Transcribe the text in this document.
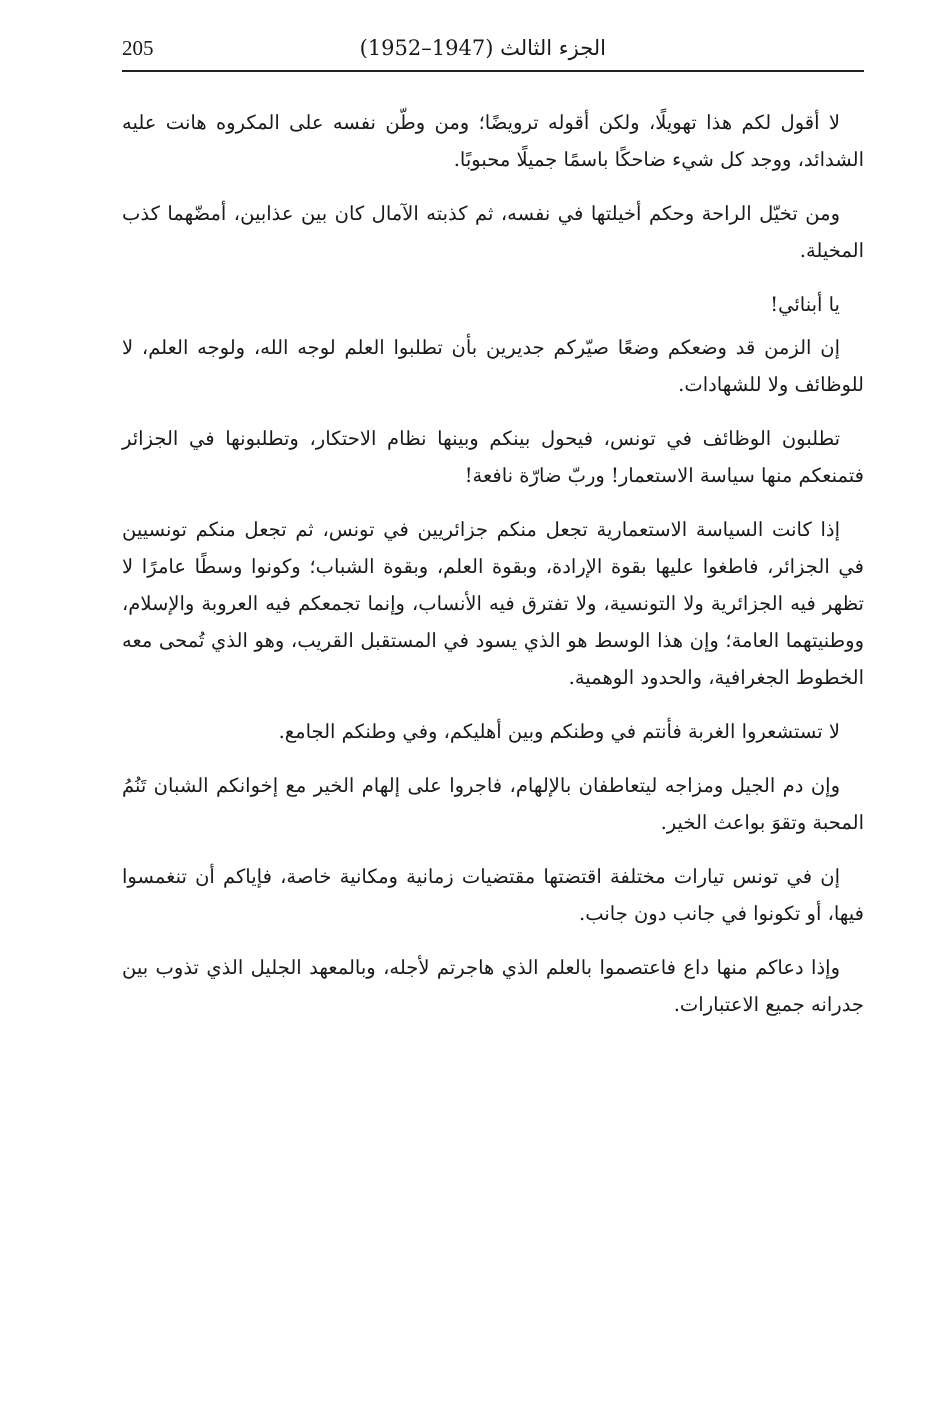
205	الجزء الثالث (1947–1952)

لا أقول لكم هذا تهويلًا، ولكن أقوله ترويضًا؛ ومن وطّن نفسه على المكروه هانت عليه الشدائد، ووجد كل شيء ضاحكًا باسمًا جميلًا محبوبًا.

ومن تخيّل الراحة وحكم أخيلتها في نفسه، ثم كذبته الآمال كان بين عذابين، أمضّهما كذب المخيلة.

يا أبنائي!

إن الزمن قد وضعكم وضعًا صيّركم جديرين بأن تطلبوا العلم لوجه الله، ولوجه العلم، لا للوظائف ولا للشهادات.

تطلبون الوظائف في تونس، فيحول بينكم وبينها نظام الاحتكار، وتطلبونها في الجزائر فتمنعكم منها سياسة الاستعمار! وربّ ضارّة نافعة!

إذا كانت السياسة الاستعمارية تجعل منكم جزائريين في تونس، ثم تجعل منكم تونسيين في الجزائر، فاطغوا عليها بقوة الإرادة، وبقوة العلم، وبقوة الشباب؛ وكونوا وسطًا عامرًا لا تظهر فيه الجزائرية ولا التونسية، ولا تفترق فيه الأنساب، وإنما تجمعكم فيه العروبة والإسلام، ووطنيتهما العامة؛ وإن هذا الوسط هو الذي يسود في المستقبل القريب، وهو الذي تُمحى معه الخطوط الجغرافية، والحدود الوهمية.

لا تستشعروا الغربة فأنتم في وطنكم وبين أهليكم، وفي وطنكم الجامع.

وإن دم الجيل ومزاجه ليتعاطفان بالإلهام، فاجروا على إلهام الخير مع إخوانكم الشبان تَنُمُ المحبة وتقوَ بواعث الخير.

إن في تونس تيارات مختلفة اقتضتها مقتضيات زمانية ومكانية خاصة، فإياكم أن تنغمسوا فيها، أو تكونوا في جانب دون جانب.

وإذا دعاكم منها داع فاعتصموا بالعلم الذي هاجرتم لأجله، وبالمعهد الجليل الذي تذوب بين جدرانه جميع الاعتبارات.
